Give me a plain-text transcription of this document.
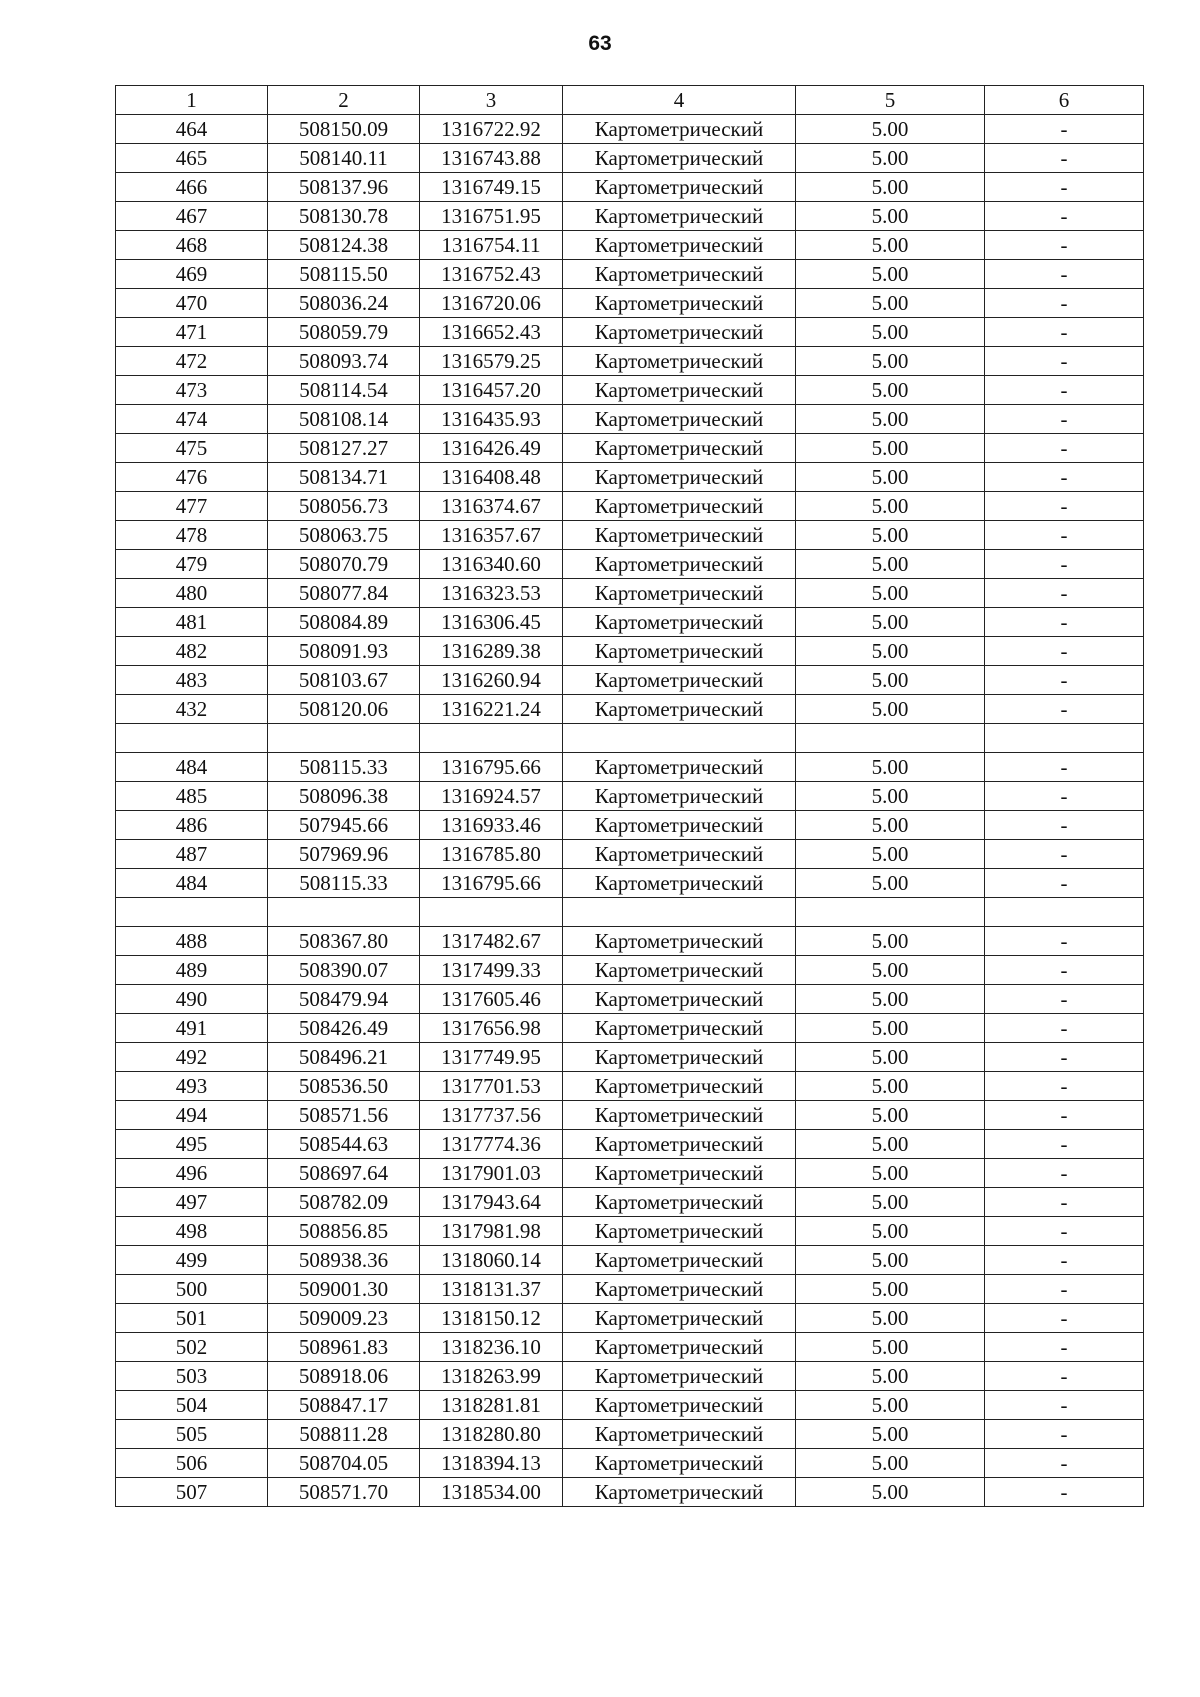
63
1	2	3	4	5	6
464	508150.09	1316722.92	Картометрический	5.00	-
465	508140.11	1316743.88	Картометрический	5.00	-
466	508137.96	1316749.15	Картометрический	5.00	-
467	508130.78	1316751.95	Картометрический	5.00	-
468	508124.38	1316754.11	Картометрический	5.00	-
469	508115.50	1316752.43	Картометрический	5.00	-
470	508036.24	1316720.06	Картометрический	5.00	-
471	508059.79	1316652.43	Картометрический	5.00	-
472	508093.74	1316579.25	Картометрический	5.00	-
473	508114.54	1316457.20	Картометрический	5.00	-
474	508108.14	1316435.93	Картометрический	5.00	-
475	508127.27	1316426.49	Картометрический	5.00	-
476	508134.71	1316408.48	Картометрический	5.00	-
477	508056.73	1316374.67	Картометрический	5.00	-
478	508063.75	1316357.67	Картометрический	5.00	-
479	508070.79	1316340.60	Картометрический	5.00	-
480	508077.84	1316323.53	Картометрический	5.00	-
481	508084.89	1316306.45	Картометрический	5.00	-
482	508091.93	1316289.38	Картометрический	5.00	-
483	508103.67	1316260.94	Картометрический	5.00	-
432	508120.06	1316221.24	Картометрический	5.00	-

484	508115.33	1316795.66	Картометрический	5.00	-
485	508096.38	1316924.57	Картометрический	5.00	-
486	507945.66	1316933.46	Картометрический	5.00	-
487	507969.96	1316785.80	Картометрический	5.00	-
484	508115.33	1316795.66	Картометрический	5.00	-

488	508367.80	1317482.67	Картометрический	5.00	-
489	508390.07	1317499.33	Картометрический	5.00	-
490	508479.94	1317605.46	Картометрический	5.00	-
491	508426.49	1317656.98	Картометрический	5.00	-
492	508496.21	1317749.95	Картометрический	5.00	-
493	508536.50	1317701.53	Картометрический	5.00	-
494	508571.56	1317737.56	Картометрический	5.00	-
495	508544.63	1317774.36	Картометрический	5.00	-
496	508697.64	1317901.03	Картометрический	5.00	-
497	508782.09	1317943.64	Картометрический	5.00	-
498	508856.85	1317981.98	Картометрический	5.00	-
499	508938.36	1318060.14	Картометрический	5.00	-
500	509001.30	1318131.37	Картометрический	5.00	-
501	509009.23	1318150.12	Картометрический	5.00	-
502	508961.83	1318236.10	Картометрический	5.00	-
503	508918.06	1318263.99	Картометрический	5.00	-
504	508847.17	1318281.81	Картометрический	5.00	-
505	508811.28	1318280.80	Картометрический	5.00	-
506	508704.05	1318394.13	Картометрический	5.00	-
507	508571.70	1318534.00	Картометрический	5.00	-
